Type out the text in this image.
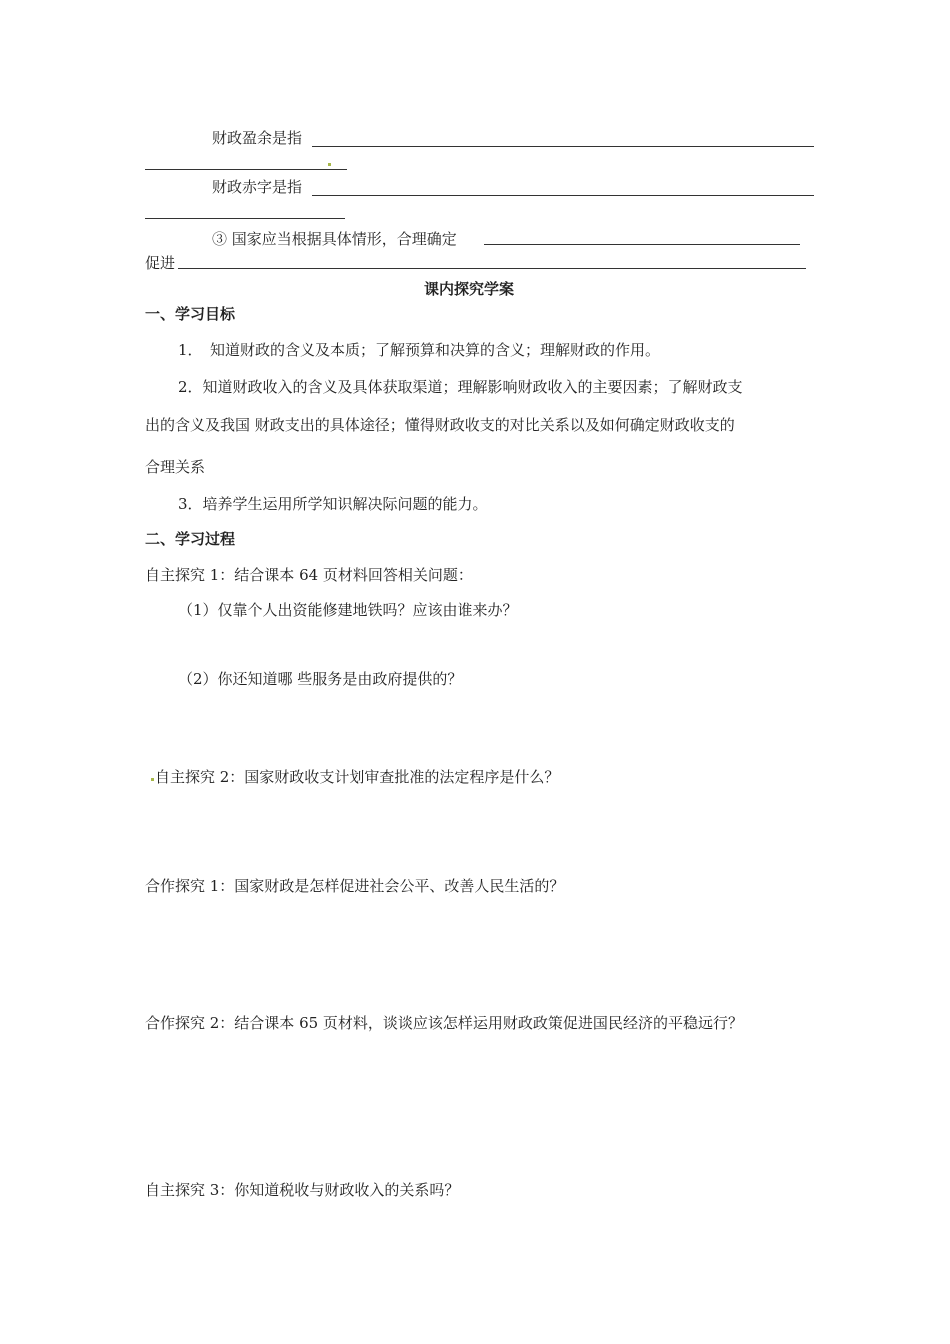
财政盈余是指
财政赤字是指
③ 国家应当根据具体情形，合理确定
促进
课内探究学案
一、学习目标
1．　知道财政的含义及本质；了解预算和决算的含义；理解财政的作用。
2．知道财政收入的含义及具体获取渠道；理解影响财政收入的主要因素；了解财政支
出的含义及我国 财政支出的具体途径；懂得财政收支的对比关系以及如何确定财政收支的
合理关系
3．培养学生运用所学知识解决际问题的能力。
二、学习过程
自主探究 1：结合课本 64 页材料回答相关问题：
（1）仅靠个人出资能修建地铁吗？应该由谁来办？
（2）你还知道哪 些服务是由政府提供的？
自主探究 2：国家财政收支计划审查批准的法定程序是什么？
合作探究 1：国家财政是怎样促进社会公平、改善人民生活的？
合作探究 2：结合课本 65 页材料，谈谈应该怎样运用财政政策促进国民经济的平稳远行？
自主探究 3：你知道税收与财政收入的关系吗？
